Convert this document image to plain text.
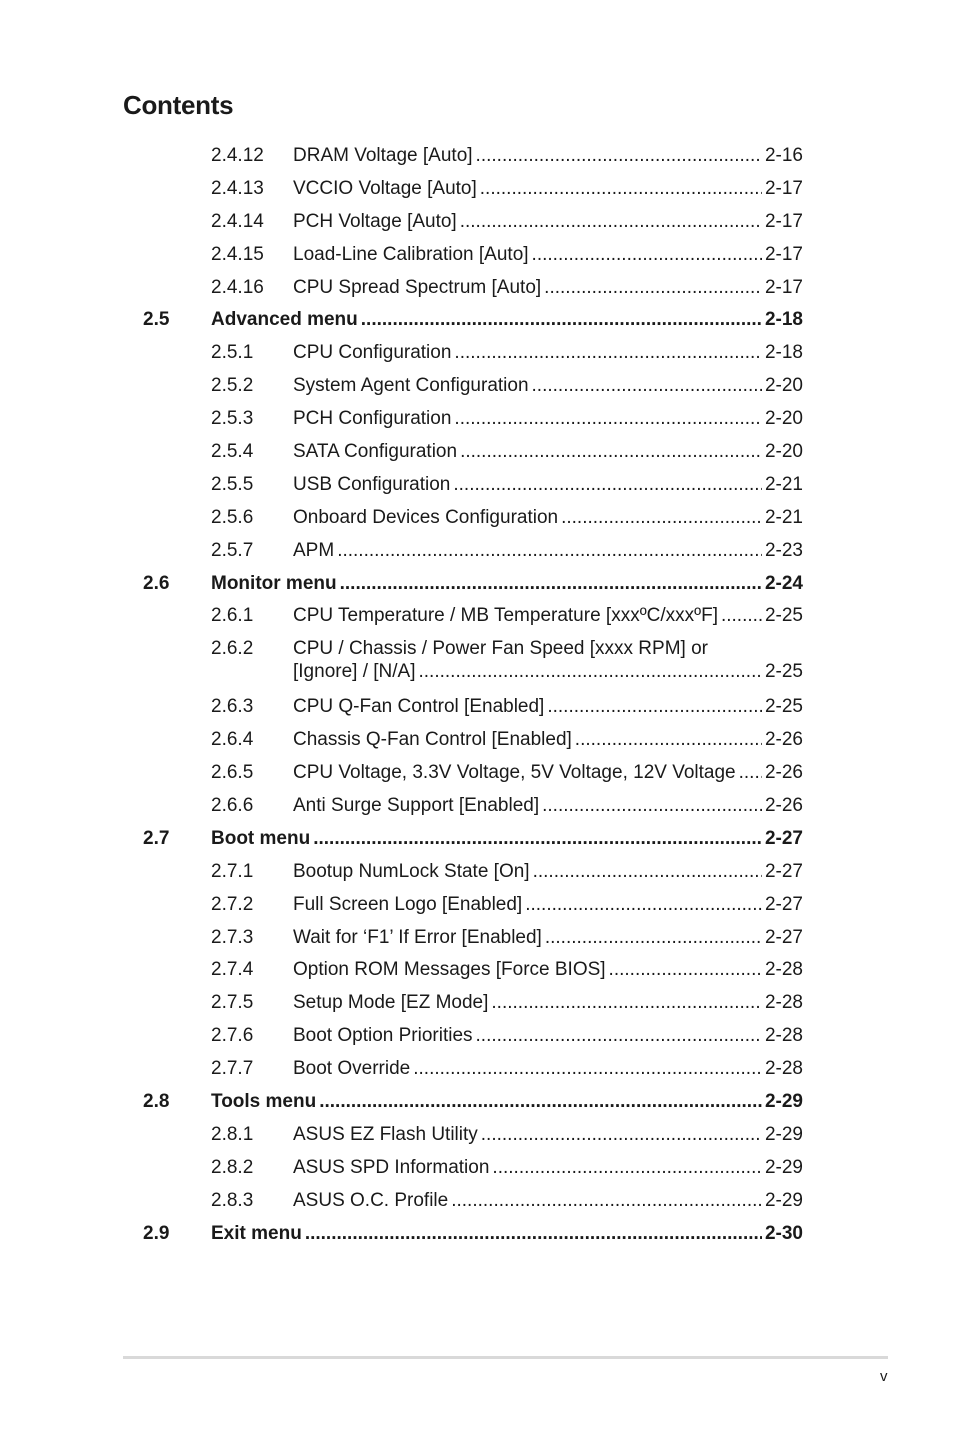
Contents
2.4.12 DRAM Voltage [Auto] .....	2-16
2.4.13 VCCIO Voltage [Auto] .....	2-17
2.4.14 PCH Voltage [Auto] .....	2-17
2.4.15 Load-Line Calibration [Auto] .....	2-17
2.4.16 CPU Spread Spectrum [Auto] .....	2-17
2.5 Advanced menu .....	2-18
2.5.1 CPU Configuration .....	2-18
2.5.2 System Agent Configuration .....	2-20
2.5.3 PCH Configuration .....	2-20
2.5.4 SATA Configuration .....	2-20
2.5.5 USB Configuration .....	2-21
2.5.6 Onboard Devices Configuration .....	2-21
2.5.7 APM .....	2-23
2.6 Monitor menu .....	2-24
2.6.1 CPU Temperature / MB Temperature [xxxºC/xxxºF] ..... 2-25
2.6.2 CPU / Chassis / Power Fan Speed [xxxx RPM] or
[Ignore] / [N/A] .....	2-25
2.6.3 CPU Q-Fan Control [Enabled] .....	2-25
2.6.4 Chassis Q-Fan Control [Enabled] .....	2-26
2.6.5 CPU Voltage, 3.3V Voltage, 5V Voltage, 12V Voltage ..... 2-26
2.6.6 Anti Surge Support [Enabled] .....	2-26
2.7 Boot menu .....	2-27
2.7.1 Bootup NumLock State [On] .....	2-27
2.7.2 Full Screen Logo [Enabled] .....	2-27
2.7.3 Wait for ‘F1’ If Error [Enabled] .....	2-27
2.7.4 Option ROM Messages [Force BIOS] .....	2-28
2.7.5 Setup Mode [EZ Mode] .....	2-28
2.7.6 Boot Option Priorities .....	2-28
2.7.7 Boot Override .....	2-28
2.8 Tools menu .....	2-29
2.8.1 ASUS EZ Flash Utility .....	2-29
2.8.2 ASUS SPD Information .....	2-29
2.8.3 ASUS O.C. Profile .....	2-29
2.9 Exit menu .....	2-30
v
